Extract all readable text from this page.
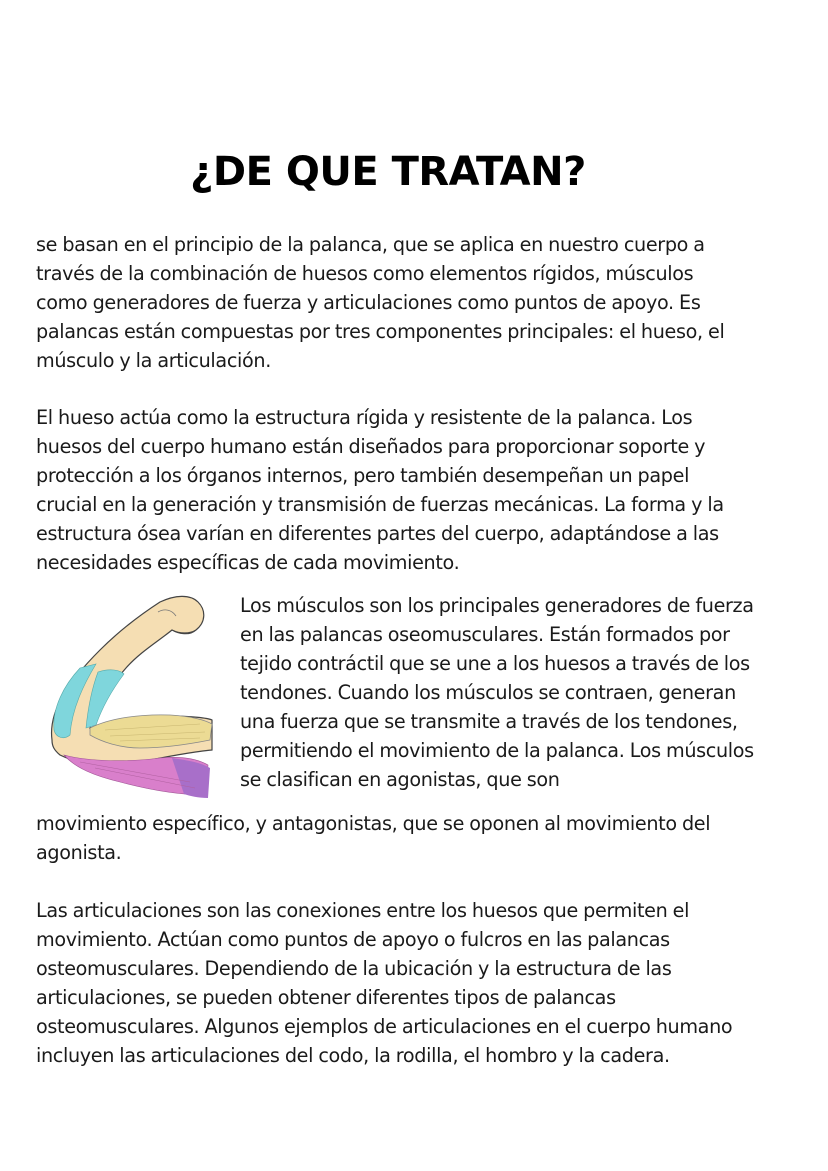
¿DE QUE TRATAN?

se basan en el principio de la palanca, que se aplica en nuestro cuerpo a
través de la combinación de huesos como elementos rígidos, músculos
como generadores de fuerza y articulaciones como puntos de apoyo. Es
palancas están compuestas por tres componentes principales: el hueso, el
músculo y la articulación.

El hueso actúa como la estructura rígida y resistente de la palanca. Los
huesos del cuerpo humano están diseñados para proporcionar soporte y
protección a los órganos internos, pero también desempeñan un papel
crucial en la generación y transmisión de fuerzas mecánicas. La forma y la
estructura ósea varían en diferentes partes del cuerpo, adaptándose a las
necesidades específicas de cada movimiento.

Los músculos son los principales generadores de fuerza
en las palancas oseomusculares. Están formados por
tejido contráctil que se une a los huesos a través de los
tendones. Cuando los músculos se contraen, generan
una fuerza que se transmite a través de los tendones,
permitiendo el movimiento de la palanca. Los músculos
se clasifican en agonistas, que son

movimiento específico, y antagonistas, que se oponen al movimiento del
agonista.

Las articulaciones son las conexiones entre los huesos que permiten el
movimiento. Actúan como puntos de apoyo o fulcros en las palancas
osteomusculares. Dependiendo de la ubicación y la estructura de las
articulaciones, se pueden obtener diferentes tipos de palancas
osteomusculares. Algunos ejemplos de articulaciones en el cuerpo humano
incluyen las articulaciones del codo, la rodilla, el hombro y la cadera.
